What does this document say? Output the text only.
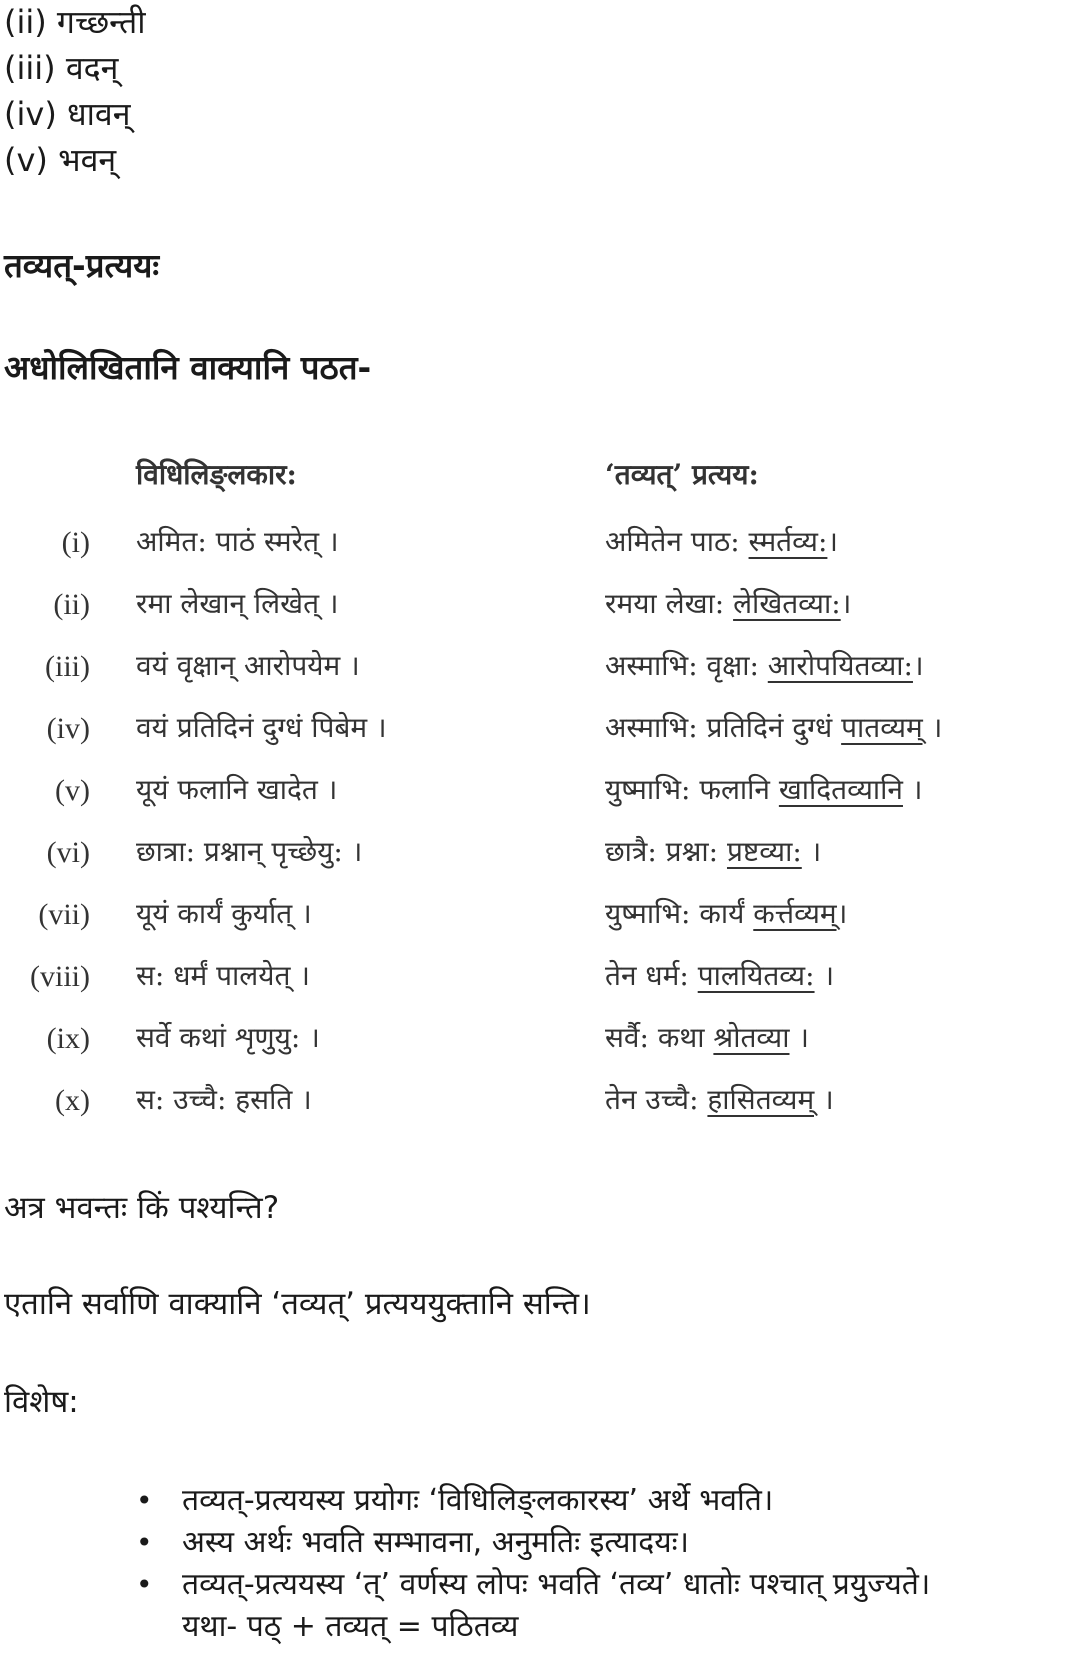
(ii) गच्छन्ती
(iii) वदन्
(iv) धावन्
(v) भवन्
तव्यत्-प्रत्ययः
अधोलिखितानि वाक्यानि पठत-
विधिलिङ्लकार:	‘तव्यत्’ प्रत्यय:
(i) अमित: पाठं स्मरेत् ।	अमितेन पाठ: स्मर्तव्य:।
(ii) रमा लेखान् लिखेत् ।	रमया लेखा: लेखितव्या:।
(iii) वयं वृक्षान् आरोपयेम ।	अस्माभि: वृक्षा: आरोपयितव्या:।
(iv) वयं प्रतिदिनं दुग्धं पिबेम ।	अस्माभि: प्रतिदिनं दुग्धं पातव्यम् ।
(v) यूयं फलानि खादेत ।	युष्माभि: फलानि खादितव्यानि ।
(vi) छात्रा: प्रश्नान् पृच्छेयु: ।	छात्रै: प्रश्ना: प्रष्टव्या: ।
(vii) यूयं कार्यं कुर्यात् ।	युष्माभि: कार्यं कर्त्तव्यम्।
(viii) स: धर्मं पालयेत् ।	तेन धर्म: पालयितव्य: ।
(ix) सर्वे कथां शृणुयु: ।	सर्वै: कथा श्रोतव्या ।
(x) स: उच्चै: हसति ।	तेन उच्चै: हासितव्यम् ।
अत्र भवन्तः किं पश्यन्ति?
एतानि सर्वाणि वाक्यानि ‘तव्यत्’ प्रत्यययुक्तानि सन्ति।
विशेष:
• तव्यत्-प्रत्ययस्य प्रयोगः ‘विधिलिङ्लकारस्य’ अर्थे भवति।
• अस्य अर्थः भवति सम्भावना, अनुमतिः इत्यादयः।
• तव्यत्-प्रत्ययस्य ‘त्’ वर्णस्य लोपः भवति ‘तव्य’ धातोः पश्चात् प्रयुज्यते।
यथा- पठ् + तव्यत् = पठितव्य
